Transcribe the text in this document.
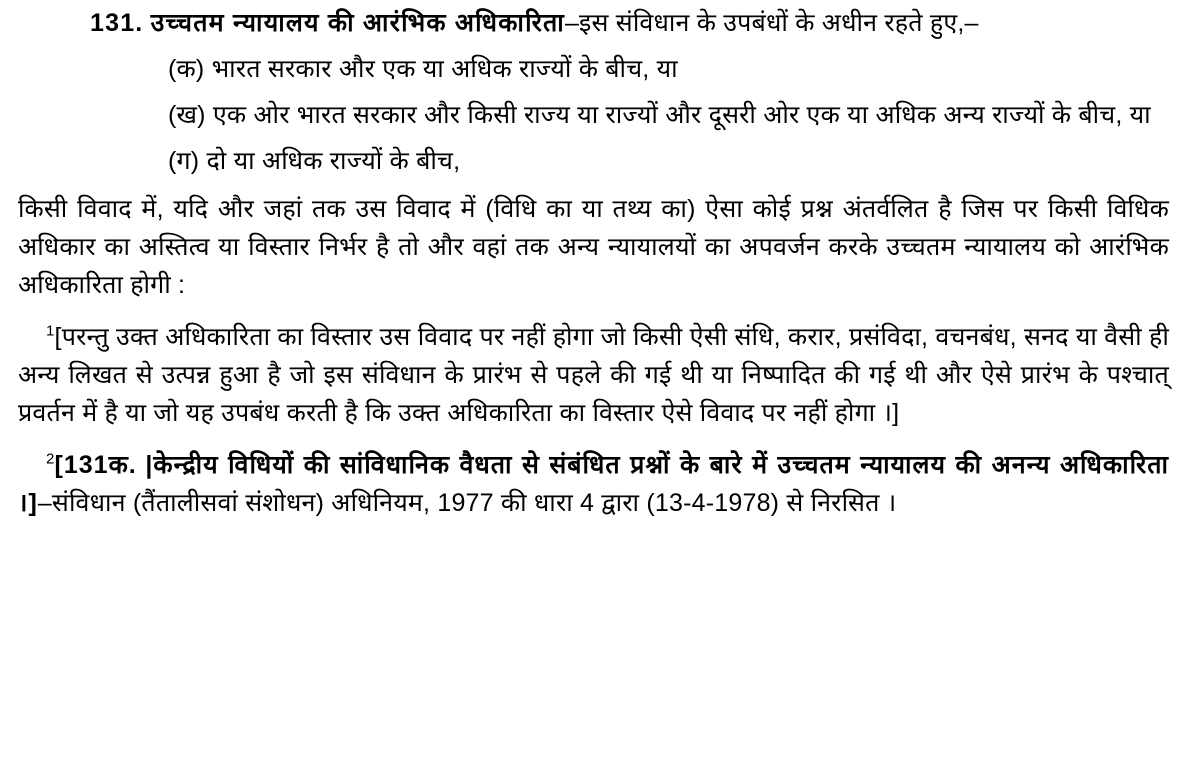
131. उच्चतम न्यायालय की आरंभिक अधिकारिता–इस संविधान के उपबंधों के अधीन रहते हुए,–

(क) भारत सरकार और एक या अधिक राज्यों के बीच, या

(ख) एक ओर भारत सरकार और किसी राज्य या राज्यों और दूसरी ओर एक या अधिक अन्य राज्यों के बीच, या

(ग) दो या अधिक राज्यों के बीच,

किसी विवाद में, यदि और जहां तक उस विवाद में (विधि का या तथ्य का) ऐसा कोई प्रश्न अंतर्वलित है जिस पर किसी विधिक अधिकार का अस्तित्व या विस्तार निर्भर है तो और वहां तक अन्य न्यायालयों का अपवर्जन करके उच्चतम न्यायालय को आरंभिक अधिकारिता होगी :

$^1$[परन्तु उक्त अधिकारिता का विस्तार उस विवाद पर नहीं होगा जो किसी ऐसी संधि, करार, प्रसंविदा, वचनबंध, सनद या वैसी ही अन्य लिखत से उत्पन्न हुआ है जो इस संविधान के प्रारंभ से पहले की गई थी या निष्पादित की गई थी और ऐसे प्रारंभ के पश्चात् प्रवर्तन में है या जो यह उपबंध करती है कि उक्त अधिकारिता का विस्तार ऐसे विवाद पर नहीं होगा ।]

$^2$[131क. |केन्द्रीय विधियों की सांविधानिक वैधता से संबंधित प्रश्नों के बारे में उच्चतम न्यायालय की अनन्य अधिकारिता ।]–संविधान (तैंतालीसवां संशोधन) अधिनियम, 1977 की धारा 4 द्वारा (13-4-1978) से निरसित ।
